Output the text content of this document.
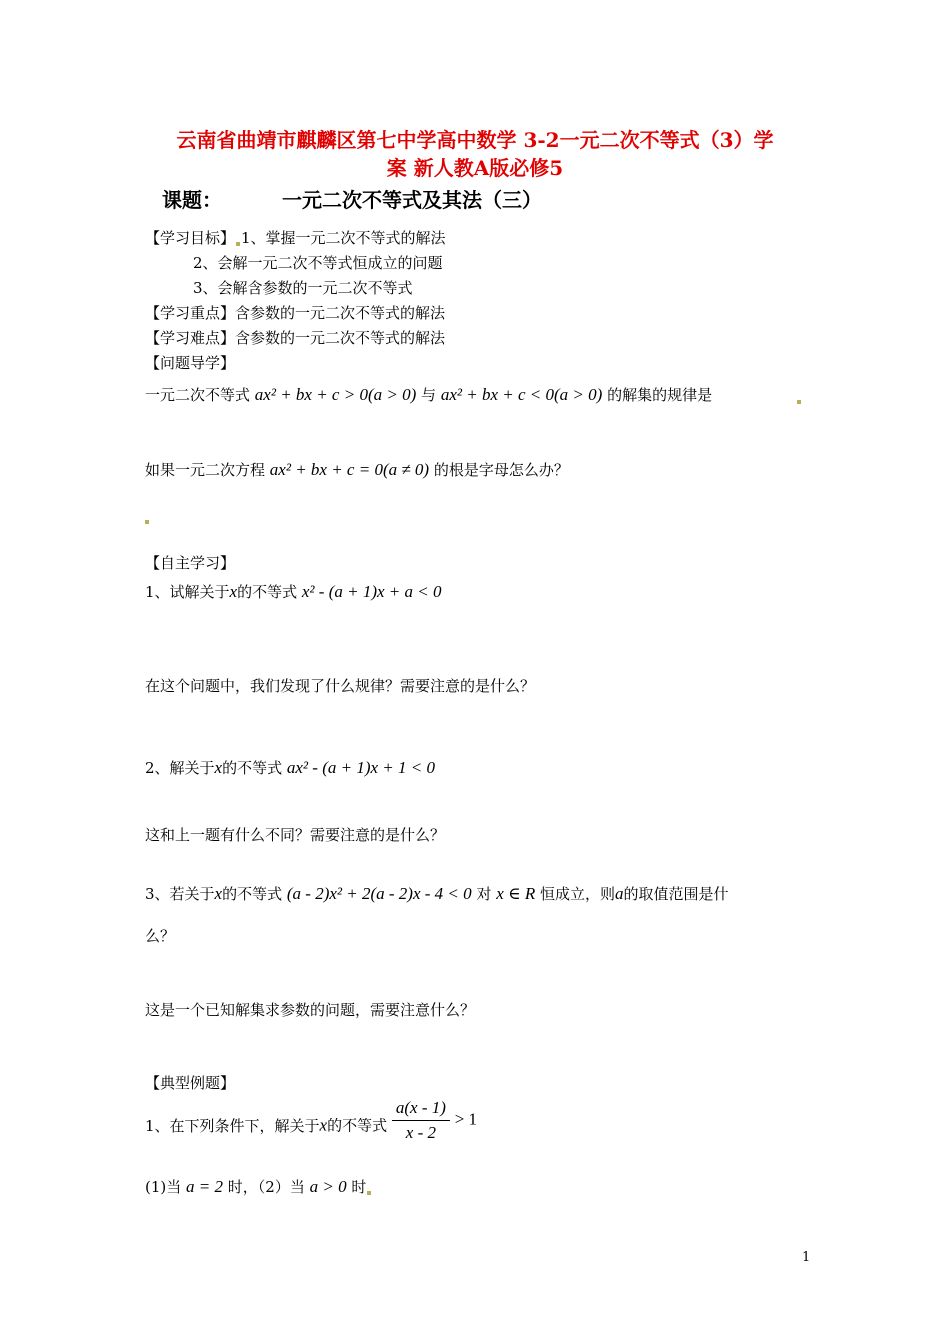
云南省曲靖市麒麟区第七中学高中数学 3-2一元二次不等式（3）学
案 新人教A版必修5
课题：	一元二次不等式及其法（三）
【学习目标】 1、掌握一元二次不等式的解法
2、会解一元二次不等式恒成立的问题
3、会解含参数的一元二次不等式
【学习重点】含参数的一元二次不等式的解法
【学习难点】含参数的一元二次不等式的解法
【问题导学】
一元二次不等式 ax² + bx + c > 0(a > 0) 与 ax² + bx + c < 0(a > 0) 的解集的规律是
如果一元二次方程 ax² + bx + c = 0(a ≠ 0) 的根是字母怎么办？
【自主学习】
1、试解关于x的不等式 x² - (a + 1)x + a < 0
在这个问题中，我们发现了什么规律？需要注意的是什么？
2、解关于x的不等式 ax² - (a + 1)x + 1 < 0
这和上一题有什么不同？需要注意的是什么？
3、若关于x的不等式 (a - 2)x² + 2(a - 2)x - 4 < 0 对 x ∈ R 恒成立，则a的取值范围是什
么？
这是一个已知解集求参数的问题，需要注意什么？
【典型例题】
1、在下列条件下，解关于x的不等式 $\frac{a(x - 1)}{x - 2} > 1$
(1)当 a = 2 时，（2）当 a > 0 时
1
